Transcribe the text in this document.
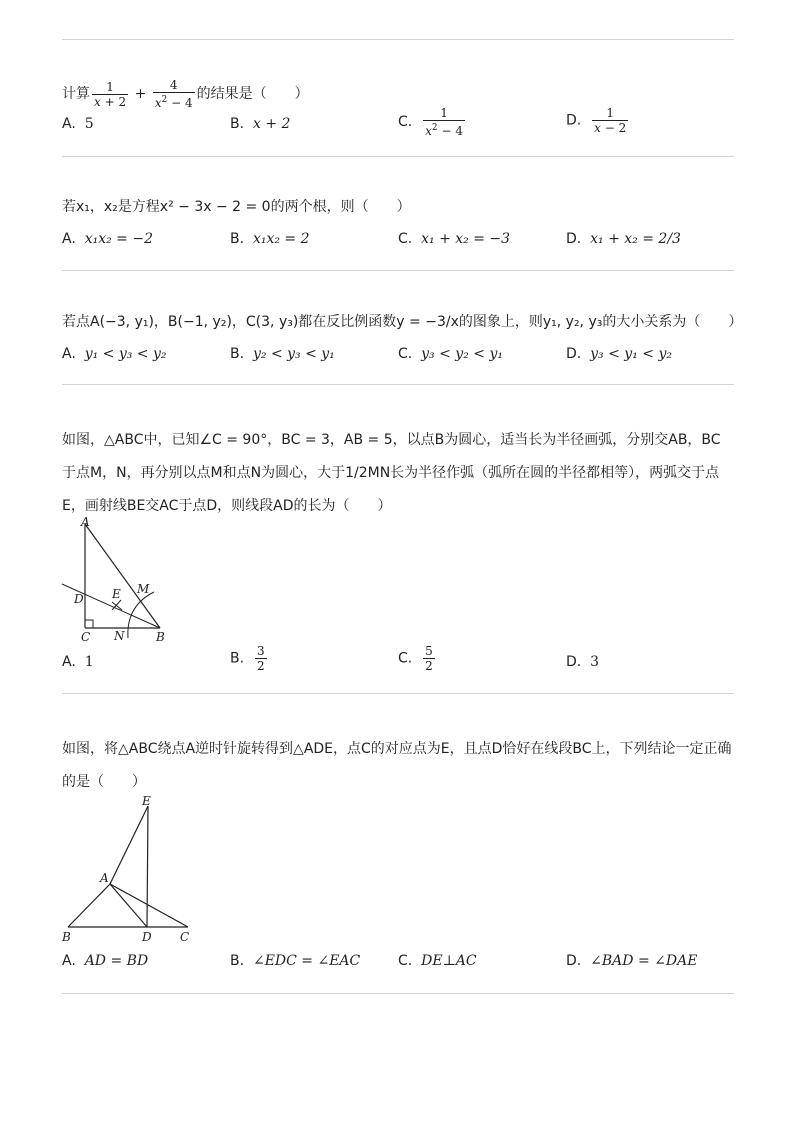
计算 $\frac{1}{x + 2} + \frac{4}{x^2 - 4}$ 的结果是（　　）
A. 5	B. x + 2	C. $\frac{1}{x^2 - 4}$	D. $\frac{1}{x - 2}$
若x₁，x₂是方程x² − 3x − 2 = 0的两个根，则（　　）
A. x₁x₂ = −2	B. x₁x₂ = 2	C. x₁ + x₂ = −3	D. x₁ + x₂ = 2/3
若点A(−3, y₁)，B(−1, y₂)，C(3, y₃)都在反比例函数y = −3/x的图象上，则y₁, y₂, y₃的大小关系为（　　）
A. y₁ < y₃ < y₂	B. y₂ < y₃ < y₁	C. y₃ < y₂ < y₁	D. y₃ < y₁ < y₂
如图，△ABC中，已知∠C = 90°，BC = 3，AB = 5，以点B为圆心，适当长为半径画弧，分别交AB，BC于点M，N，再分别以点M和点N为圆心，大于1/2MN长为半径作弧（弧所在圆的半径都相等），两弧交于点E，画射线BE交AC于点D，则线段AD的长为（　　）
A
D E M
C N	B
A. 1	B. $\frac{3}{2}$	C. $\frac{5}{2}$	D. 3
如图，将△ABC绕点A逆时针旋转得到△ADE，点C的对应点为E，且点D恰好在线段BC上，下列结论一定正确的是（　　）
E
A
B	D C
A. AD = BD	B. ∠EDC = ∠EAC	C. DE⊥AC	D. ∠BAD = ∠DAE
